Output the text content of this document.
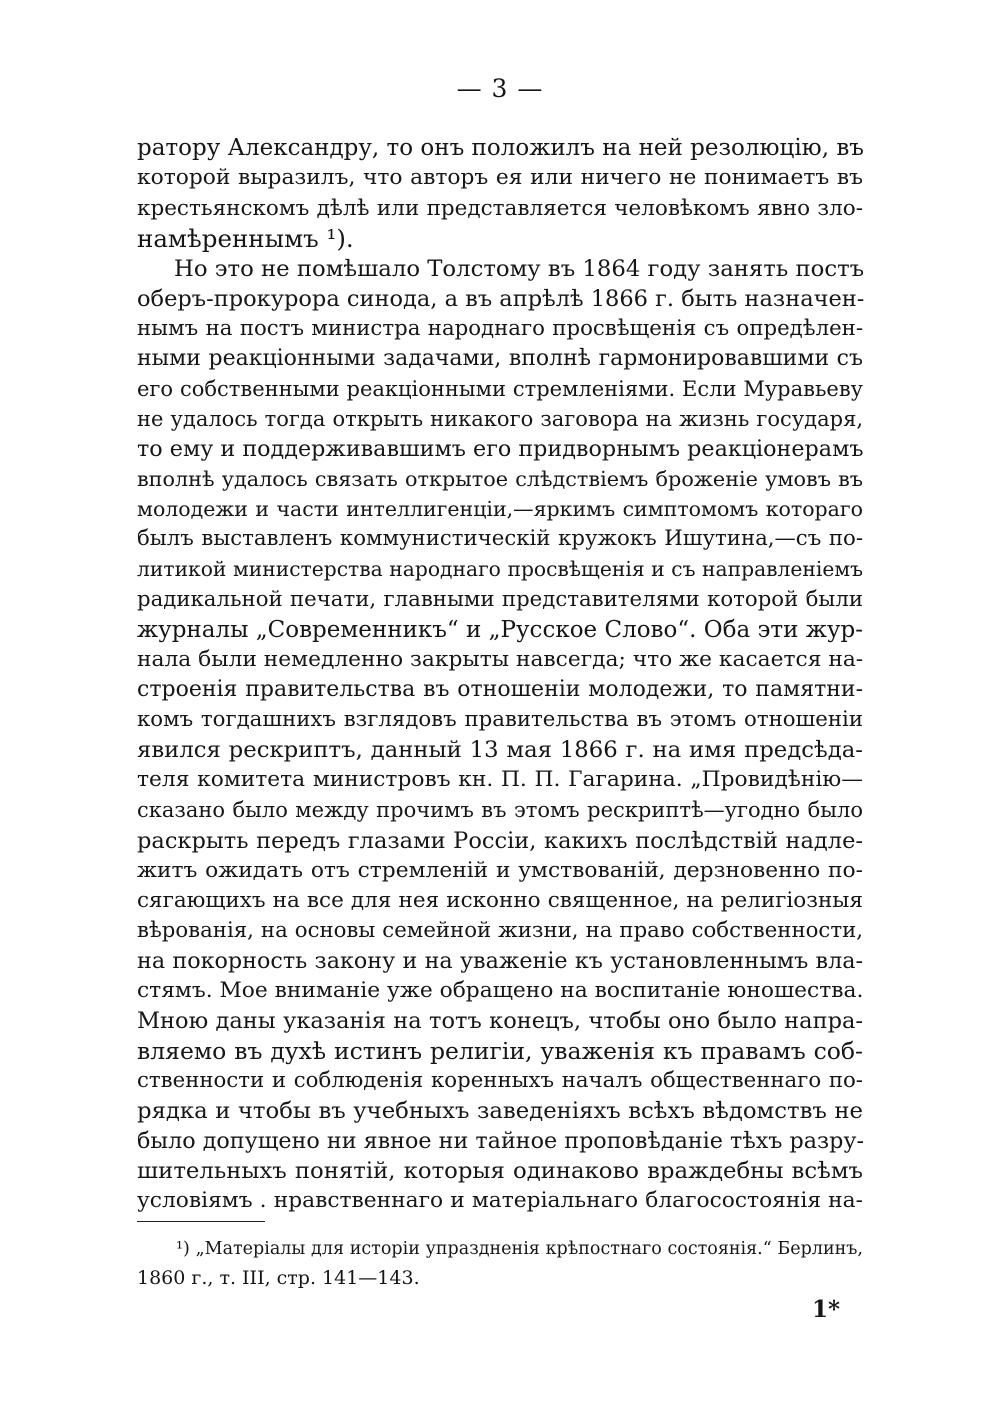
— 3 —
ратору Александру, то онъ положилъ на ней резолюцію, въ
которой выразилъ, что авторъ ея или ничего не понимаетъ въ
крестьянскомъ дѣлѣ или представляется человѣкомъ явно зло-
намѣреннымъ ¹).
Но это не помѣшало Толстому въ 1864 году занять постъ
оберъ-прокурора синода, а въ апрѣлѣ 1866 г. быть назначен-
нымъ на постъ министра народнаго просвѣщенія съ опредѣлен-
ными реакціонными задачами, вполнѣ гармонировавшими съ
его собственными реакціонными стремленіями. Если Муравьеву
не удалось тогда открыть никакого заговора на жизнь государя,
то ему и поддерживавшимъ его придворнымъ реакціонерамъ
вполнѣ удалось связать открытое слѣдствіемъ броженіе умовъ въ
молодежи и части интеллигенціи,—яркимъ симптомомъ котораго
былъ выставленъ коммунистическій кружокъ Ишутина,—съ по-
литикой министерства народнаго просвѣщенія и съ направленіемъ
радикальной печати, главными представителями которой были
журналы „Современникъ“ и „Русское Слово“. Оба эти жур-
нала были немедленно закрыты навсегда; что же касается на-
строенія правительства въ отношеніи молодежи, то памятни-
комъ тогдашнихъ взглядовъ правительства въ этомъ отношеніи
явился рескриптъ, данный 13 мая 1866 г. на имя предсѣда-
теля комитета министровъ кн. П. П. Гагарина. „Провидѣнію—
сказано было между прочимъ въ этомъ рескриптѣ—угодно было
раскрыть передъ глазами Россіи, какихъ послѣдствій надле-
житъ ожидать отъ стремленій и умствованій, дерзновенно по-
сягающихъ на все для нея исконно священное, на религіозныя
вѣрованія, на основы семейной жизни, на право собственности,
на покорность закону и на уваженіе къ установленнымъ вла-
стямъ. Мое вниманіе уже обращено на воспитаніе юношества.
Мною даны указанія на тотъ конецъ, чтобы оно было напра-
вляемо въ духѣ истинъ религіи, уваженія къ правамъ соб-
ственности и соблюденія коренныхъ началъ общественнаго по-
рядка и чтобы въ учебныхъ заведеніяхъ всѣхъ вѣдомствъ не
было допущено ни явное ни тайное проповѣданіе тѣхъ разру-
шительныхъ понятій, которыя одинаково враждебны всѣмъ
условіямъ . нравственнаго и матеріальнаго благосостоянія на-
¹) „Матеріалы для исторіи упраздненія крѣпостнаго состоянія.“ Берлинъ,
1860 г., т. III, стр. 141—143.
1*
